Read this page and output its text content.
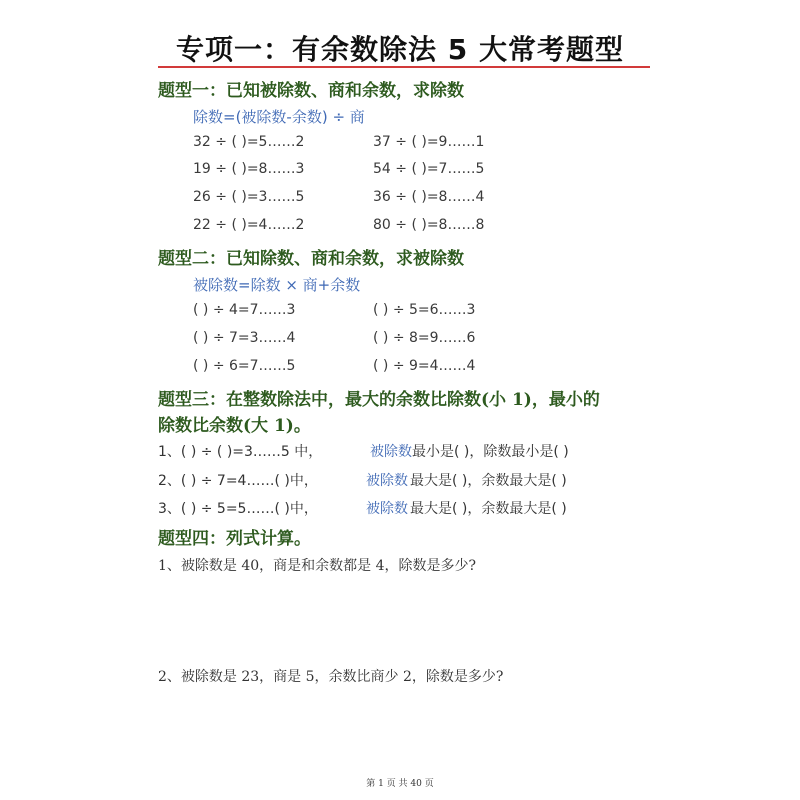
专项一：有余数除法 5 大常考题型
题型一：已知被除数、商和余数，求除数
除数=(被除数-余数) ÷ 商
32 ÷ ( )=5……2	37 ÷ ( )=9……1
19 ÷ ( )=8……3	54 ÷ ( )=7……5
26 ÷ ( )=3……5	36 ÷ ( )=8……4
22 ÷ ( )=4……2	80 ÷ ( )=8……8
题型二：已知除数、商和余数，求被除数
被除数=除数 × 商+余数
( ) ÷ 4=7……3	( ) ÷ 5=6……3
( ) ÷ 7=3……4	( ) ÷ 8=9……6
( ) ÷ 6=7……5	( ) ÷ 9=4……4
题型三：在整数除法中，最大的余数比除数(小 1)，最小的
除数比余数(大 1)。
1、( ) ÷ ( )=3……5 中，	被除数 最小是( )，除数最小是( )
2、( ) ÷ 7=4……( )中，	被除数 最大是( )，余数最大是( )
3、( ) ÷ 5=5……( )中，	被除数 最大是( )，余数最大是( )
题型四：列式计算。
1、被除数是 40，商是和余数都是 4，除数是多少?
2、被除数是 23，商是 5，余数比商少 2，除数是多少?
第 1 页 共 40 页
